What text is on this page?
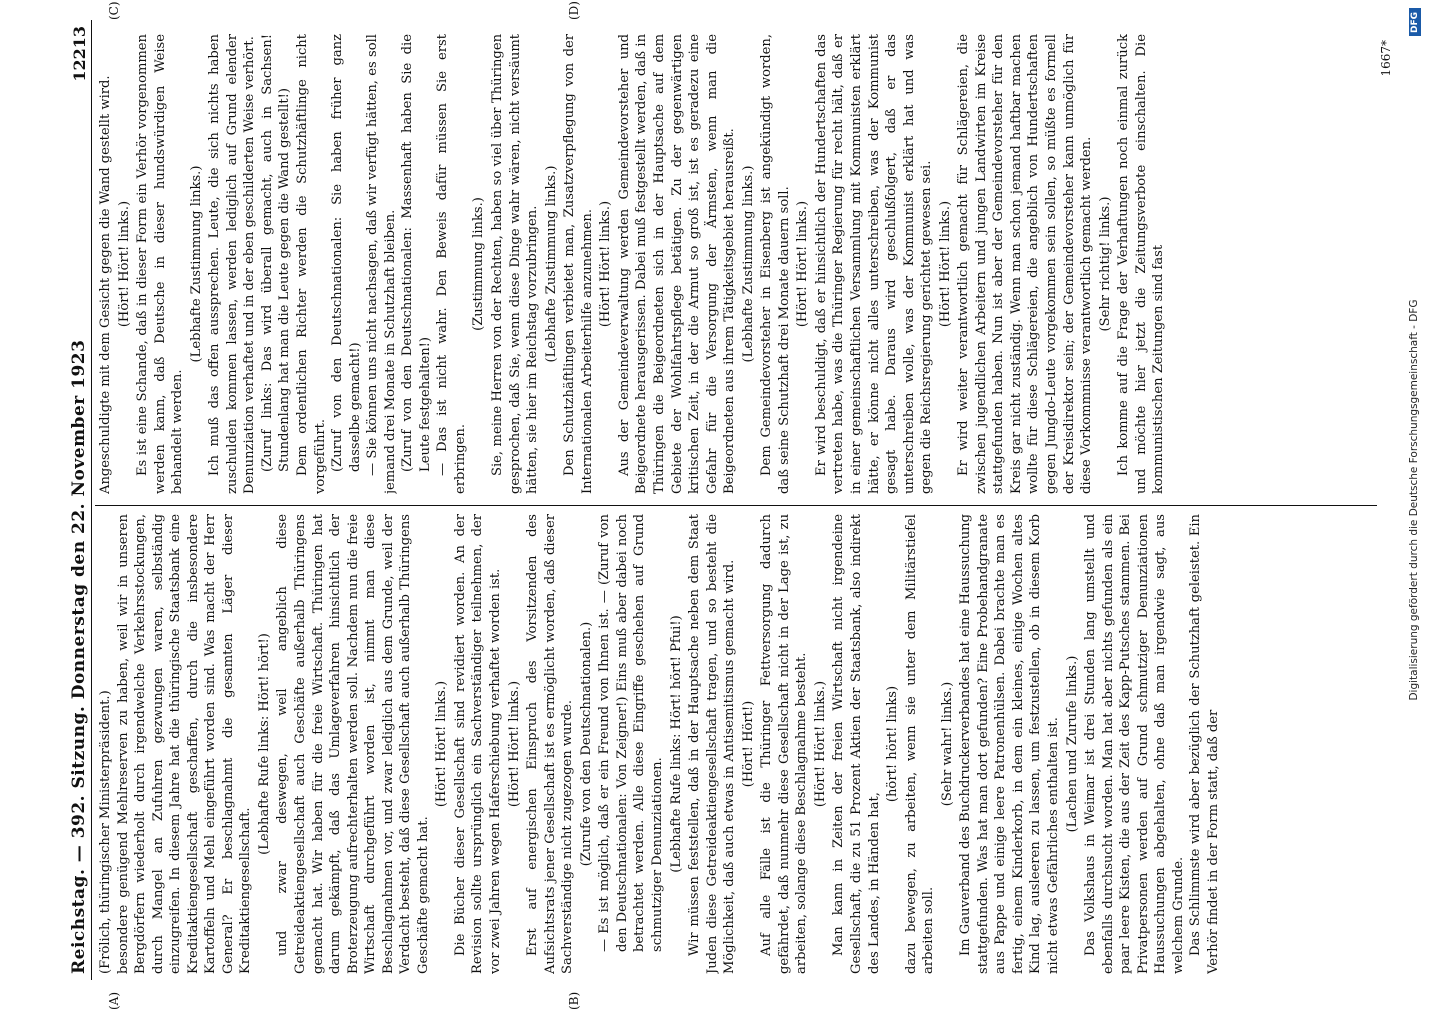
Reichstag. — 392. Sitzung. Donnerstag den 22. November 1923
12213
(A)	(B)
(C)	(D)

(Frölich, thüringischer Ministerpräsident.) besondere genügend Mehlreserven zu haben, weil wir in unseren Bergdörfern wiederholt durch irgendwelche Verkehrsstockungen, durch Mangel an Zufuhren gezwungen waren, selbständig einzugreifen. In diesem Jahre hat die thüringische Staatsbank eine Kreditaktiengesellschaft geschaffen, durch die insbesondere Kartoffeln und Mehl eingeführt worden sind. Was macht der Herr General? Er beschlagnahmt die gesamten Läger dieser Kreditaktiengesellschaft.

(Lebhafte Rufe links: Hört! hört!) und zwar deswegen, weil angeblich diese Getreideaktiengesellschaft auch Geschäfte außerhalb Thüringens gemacht hat. Wir haben für die freie Wirtschaft. Thüringen hat darum gekämpft, daß das Umlageverfahren hinsichtlich der Broterzeugung aufrechterhalten werden soll. Nachdem nun die freie Wirtschaft durchgeführt worden ist, nimmt man diese Beschlagnahmen vor, und zwar lediglich aus dem Grunde, weil der Verdacht besteht, daß diese Gesellschaft auch außerhalb Thüringens Geschäfte gemacht hat.

(Hört! Hört! links.) Die Bücher dieser Gesellschaft sind revidiert worden. An der Revision sollte ursprünglich ein Sachverständiger teilnehmen, der vor zwei Jahren wegen Haferschiebung verhaftet worden ist. (Hört! Hört! links.) Erst auf energischen Einspruch des Vorsitzenden des Aufsichtsrats jener Gesellschaft ist es ermöglicht worden, daß dieser Sachverständige nicht zugezogen wurde. (Zurufe von den Deutschnationalen.) — Es ist möglich, daß er ein Freund von Ihnen ist. — (Zuruf von den Deutschnationalen: Von Zeigner!) Eins muß aber dabei noch betrachtet werden. Alle diese Eingriffe geschehen auf Grund schmutziger Denunziationen. (Lebhafte Rufe links: Hört! hört! Pfui!) Wir müssen feststellen, daß in der Hauptsache neben dem Staat Juden diese Getreideaktiengesellschaft tragen, und so besteht die Möglichkeit, daß auch etwas in Antisemitismus gemacht wird. (Hört! Hört!) Auf alle Fälle ist die Thüringer Fettversorgung dadurch gefährdet, daß nunmehr diese Gesellschaft nicht in der Lage ist, zu arbeiten, solange diese Beschlagnahme besteht. (Hört! Hört! links.) Man kann in Zeiten der freien Wirtschaft nicht irgendeine Gesellschaft, die zu 51 Prozent Aktien der Staatsbank, also indirekt des Landes, in Händen hat,

(hört! hört! links) dazu bewegen, zu arbeiten, wenn sie unter dem Militärstiefel arbeiten soll.

(Sehr wahr! links.) Im Gauverband des Buchdruckerverbandes hat eine Haussuchung stattgefunden. Was hat man dort gefunden? Eine Probehandgranate aus Pappe und einige leere Patronenhülsen. Dabei brachte man es fertig, einem Kinderkorb, in dem ein kleines, einige Wochen altes Kind lag, ausleeren zu lassen, um festzustellen, ob in diesem Korb nicht etwas Gefährliches enthalten ist. (Lachen und Zurufe links.) Das Volkshaus in Weimar ist drei Stunden lang umstellt und ebenfalls durchsucht worden. Man hat aber nichts gefunden als ein paar leere Kisten, die aus der Zeit des Kapp-Putsches stammen. Bei Privatpersonen werden auf Grund schmutziger Denunziationen Haussuchungen abgehalten, ohne daß man irgendwie sagt, aus welchem Grunde. Das Schlimmste wird aber bezüglich der Schutzhaft geleistet. Ein Verhör findet in der Form statt, daß der

Angeschuldigte mit dem Gesicht gegen die Wand gestellt wird. (Hört! Hört! links.) Es ist eine Schande, daß in dieser Form ein Verhör vorgenommen werden kann, daß Deutsche in dieser hundswürdigen Weise behandelt werden.

(Lebhafte Zustimmung links.) Ich muß das offen aussprechen. Leute, die sich nichts haben zuschulden kommen lassen, werden lediglich auf Grund elender Denunziation verhaftet und in der eben geschilderten Weise verhört. (Zuruf links: Das wird überall gemacht, auch in Sachsen! Stundenlang hat man die Leute gegen die Wand gestellt!) Dem ordentlichen Richter werden die Schutzhäftlinge nicht vorgeführt. (Zuruf von den Deutschnationalen: Sie haben früher ganz dasselbe gemacht!) — Sie können uns nicht nachsagen, daß wir verfügt hätten, es soll jemand drei Monate in Schutzhaft bleiben. (Zuruf von den Deutschnationalen: Massenhaft haben Sie die Leute festgehalten!) — Das ist nicht wahr. Den Beweis dafür müssen Sie erst erbringen.

(Zustimmung links.) Sie, meine Herren von der Rechten, haben so viel über Thüringen gesprochen, daß Sie, wenn diese Dinge wahr wären, nicht versäumt hätten, sie hier im Reichstag vorzubringen. (Lebhafte Zustimmung links.) Den Schutzhäftlingen verbietet man, Zusatzverpflegung von der Internationalen Arbeiterhilfe anzunehmen. (Hört! Hört! links.) Aus der Gemeindeverwaltung werden Gemeindevorsteher und Beigeordnete herausgerissen. Dabei muß festgestellt werden, daß in Thüringen die Beigeordneten sich in der Hauptsache auf dem Gebiete der Wohlfahrtspflege betätigen. Zu der gegenwärtigen kritischen Zeit, in der die Armut so groß ist, ist es geradezu eine Gefahr für die Versorgung der Ärmsten, wenn man die Beigeordneten aus ihrem Tätigkeitsgebiet herausreißt. (Lebhafte Zustimmung links.) Dem Gemeindevorsteher in Eisenberg ist angekündigt worden, daß seine Schutzhaft drei Monate dauern soll. (Hört! Hört! links.) Er wird beschuldigt, daß er hinsichtlich der Hundertschaften das vertreten habe, was die Thüringer Regierung für recht hält, daß er in einer gemeinschaftlichen Versammlung mit Kommunisten erklärt hätte, er könne nicht alles unterschreiben, was der Kommunist gesagt habe. Daraus wird geschlußfolgert, daß er das unterschreiben wolle, was der Kommunist erklärt hat und was gegen die Reichsregierung gerichtet gewesen sei. (Hört! Hört! links.) Er wird weiter verantwortlich gemacht für Schlägereien, die zwischen jugendlichen Arbeitern und jungen Landwirten im Kreise stattgefunden haben. Nun ist aber der Gemeindevorsteher für den Kreis gar nicht zuständig. Wenn man schon jemand haftbar machen wollte für diese Schlägereien, die angeblich von Hundertschaften gegen Jungdo-Leute vorgekommen sein sollen, so müßte es formell der Kreisdirektor sein; der Gemeindevorsteher kann unmöglich für diese Vorkommnisse verantwortlich gemacht werden. (Sehr richtig! links.) Ich komme auf die Frage der Verhaftungen noch einmal zurück und möchte hier jetzt die Zeitungsverbote einschalten. Die kommunistischen Zeitungen sind fast

1667*
DFG
Digitalisierung gefördert durch die Deutsche Forschungsgemeinschaft - DFG
